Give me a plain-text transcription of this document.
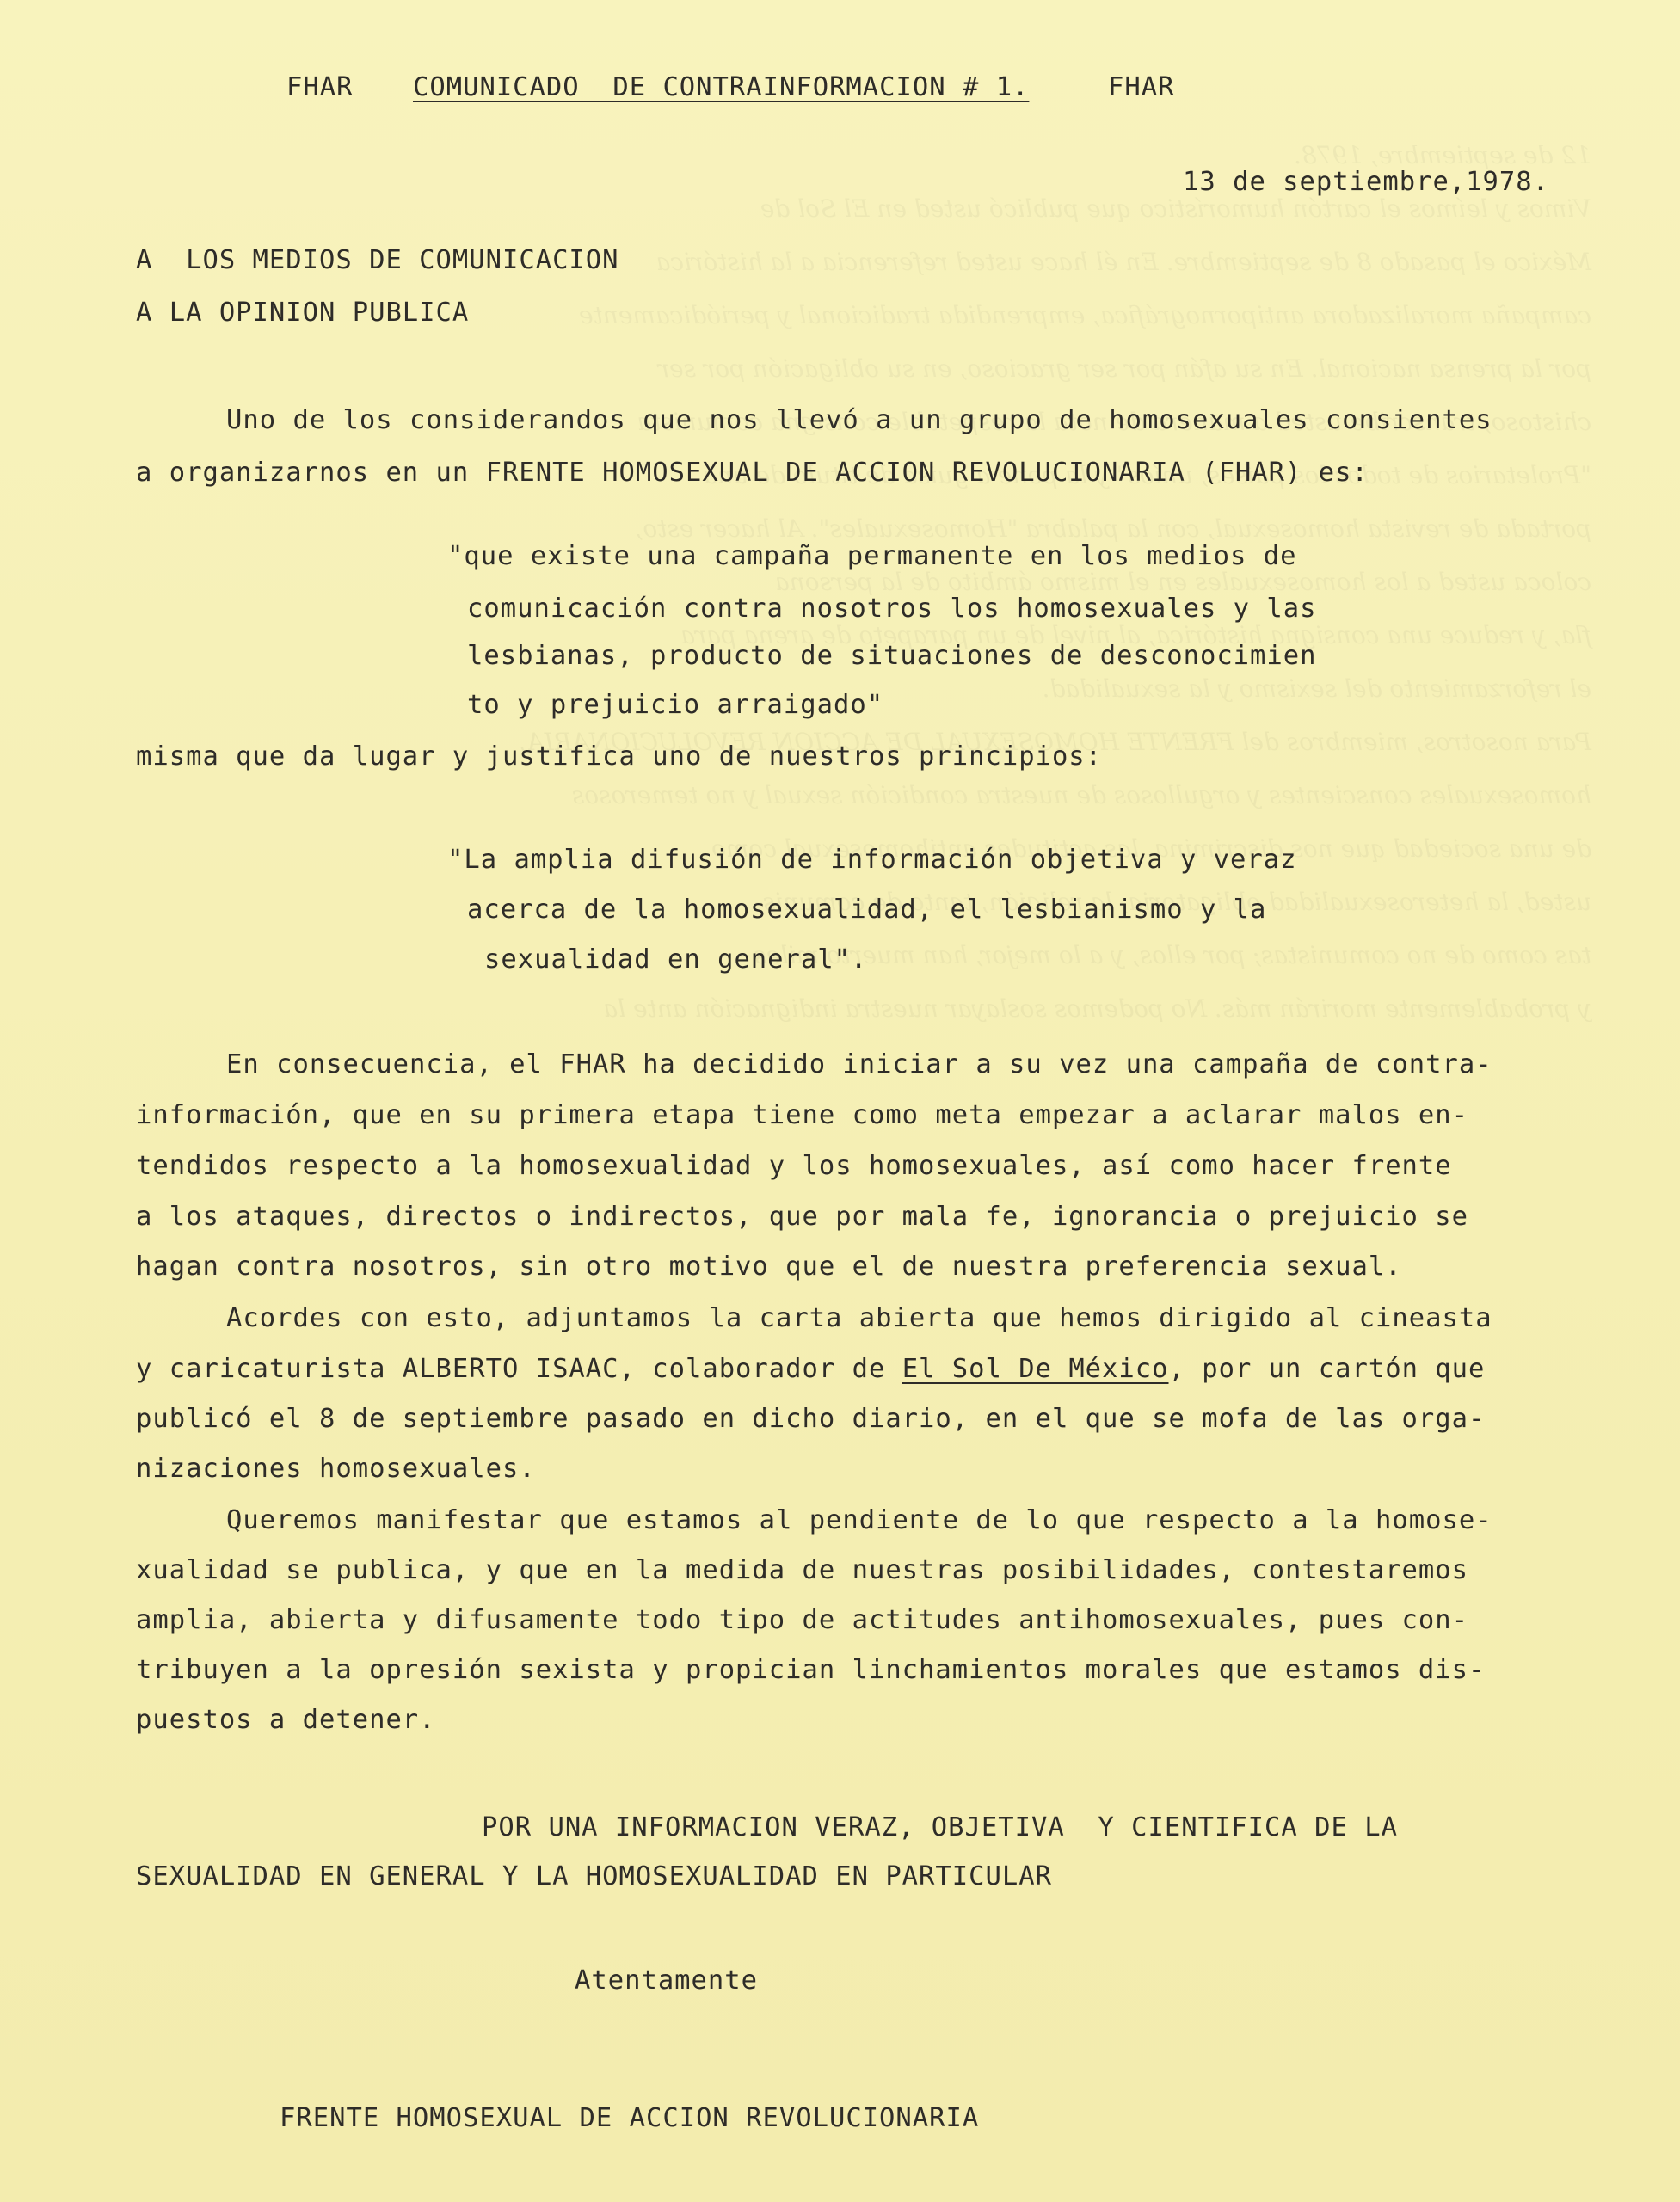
FHAR COMUNICADO  DE CONTRAINFORMACION # 1.	FHAR
13 de septiembre,1978.
A  LOS MEDIOS DE COMUNICACION
A LA OPINION PUBLICA
Uno de los considerandos que nos llevó a un grupo de homosexuales consientes
a organizarnos en un FRENTE HOMOSEXUAL DE ACCION REVOLUCIONARIA (FHAR) es:
"que existe una campaña permanente en los medios de
comunicación contra nosotros los homosexuales y las
lesbianas, producto de situaciones de desconocimien
to y prejuicio arraigado"
misma que da lugar y justifica uno de nuestros principios:
"La amplia difusión de información objetiva y veraz
acerca de la homosexualidad, el lesbianismo y la
sexualidad en general".
En consecuencia, el FHAR ha decidido iniciar a su vez una campaña de contra-
información, que en su primera etapa tiene como meta empezar a aclarar malos en-
tendidos respecto a la homosexualidad y los homosexuales, así como hacer frente
a los ataques, directos o indirectos, que por mala fe, ignorancia o prejuicio se
hagan contra nosotros, sin otro motivo que el de nuestra preferencia sexual.
Acordes con esto, adjuntamos la carta abierta que hemos dirigido al cineasta
y caricaturista ALBERTO ISAAC, colaborador de El Sol De México, por un cartón que
publicó el 8 de septiembre pasado en dicho diario, en el que se mofa de las orga-
nizaciones homosexuales.
Queremos manifestar que estamos al pendiente de lo que respecto a la homose-
xualidad se publica, y que en la medida de nuestras posibilidades, contestaremos
amplia, abierta y difusamente todo tipo de actitudes antihomosexuales, pues con-
tribuyen a la opresión sexista y propician linchamientos morales que estamos dis-
puestos a detener.
POR UNA INFORMACION VERAZ, OBJETIVA  Y CIENTIFICA DE LA
SEXUALIDAD EN GENERAL Y LA HOMOSEXUALIDAD EN PARTICULAR
Atentamente
FRENTE HOMOSEXUAL DE ACCION REVOLUCIONARIA
